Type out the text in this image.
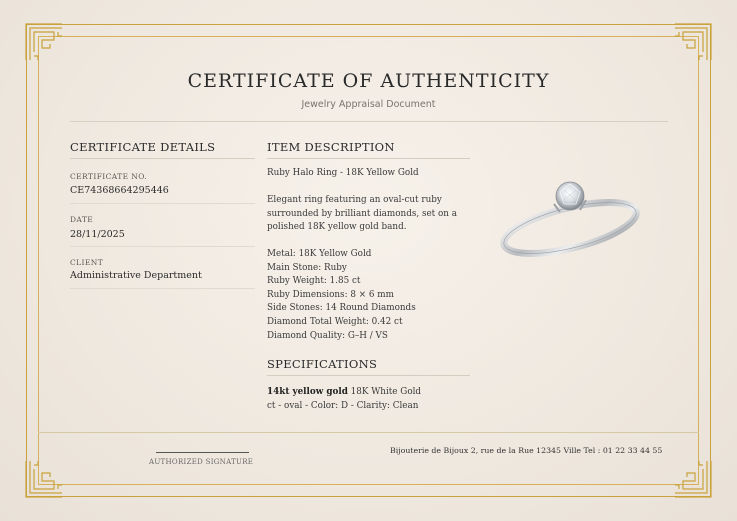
CERTIFICATE OF AUTHENTICITY
Jewelry Appraisal Document
CERTIFICATE DETAILS
CERTIFICATE NO.
CE74368664295446
DATE
28/11/2025
CLIENT
Administrative Department
ITEM DESCRIPTION
Ruby Halo Ring - 18K Yellow Gold
Elegant ring featuring an oval-cut ruby
surrounded by brilliant diamonds, set on a
polished 18K yellow gold band.
Metal: 18K Yellow Gold
Main Stone: Ruby
Ruby Weight: 1.85 ct
Ruby Dimensions: 8 × 6 mm
Side Stones: 14 Round Diamonds
Diamond Total Weight: 0.42 ct
Diamond Quality: G–H / VS
SPECIFICATIONS
14kt yellow gold 18K White Gold
ct - oval - Color: D - Clarity: Clean
AUTHORIZED SIGNATURE
Bijouterie de Bijoux 2, rue de la Rue 12345 Ville Tel : 01 22 33 44 55
